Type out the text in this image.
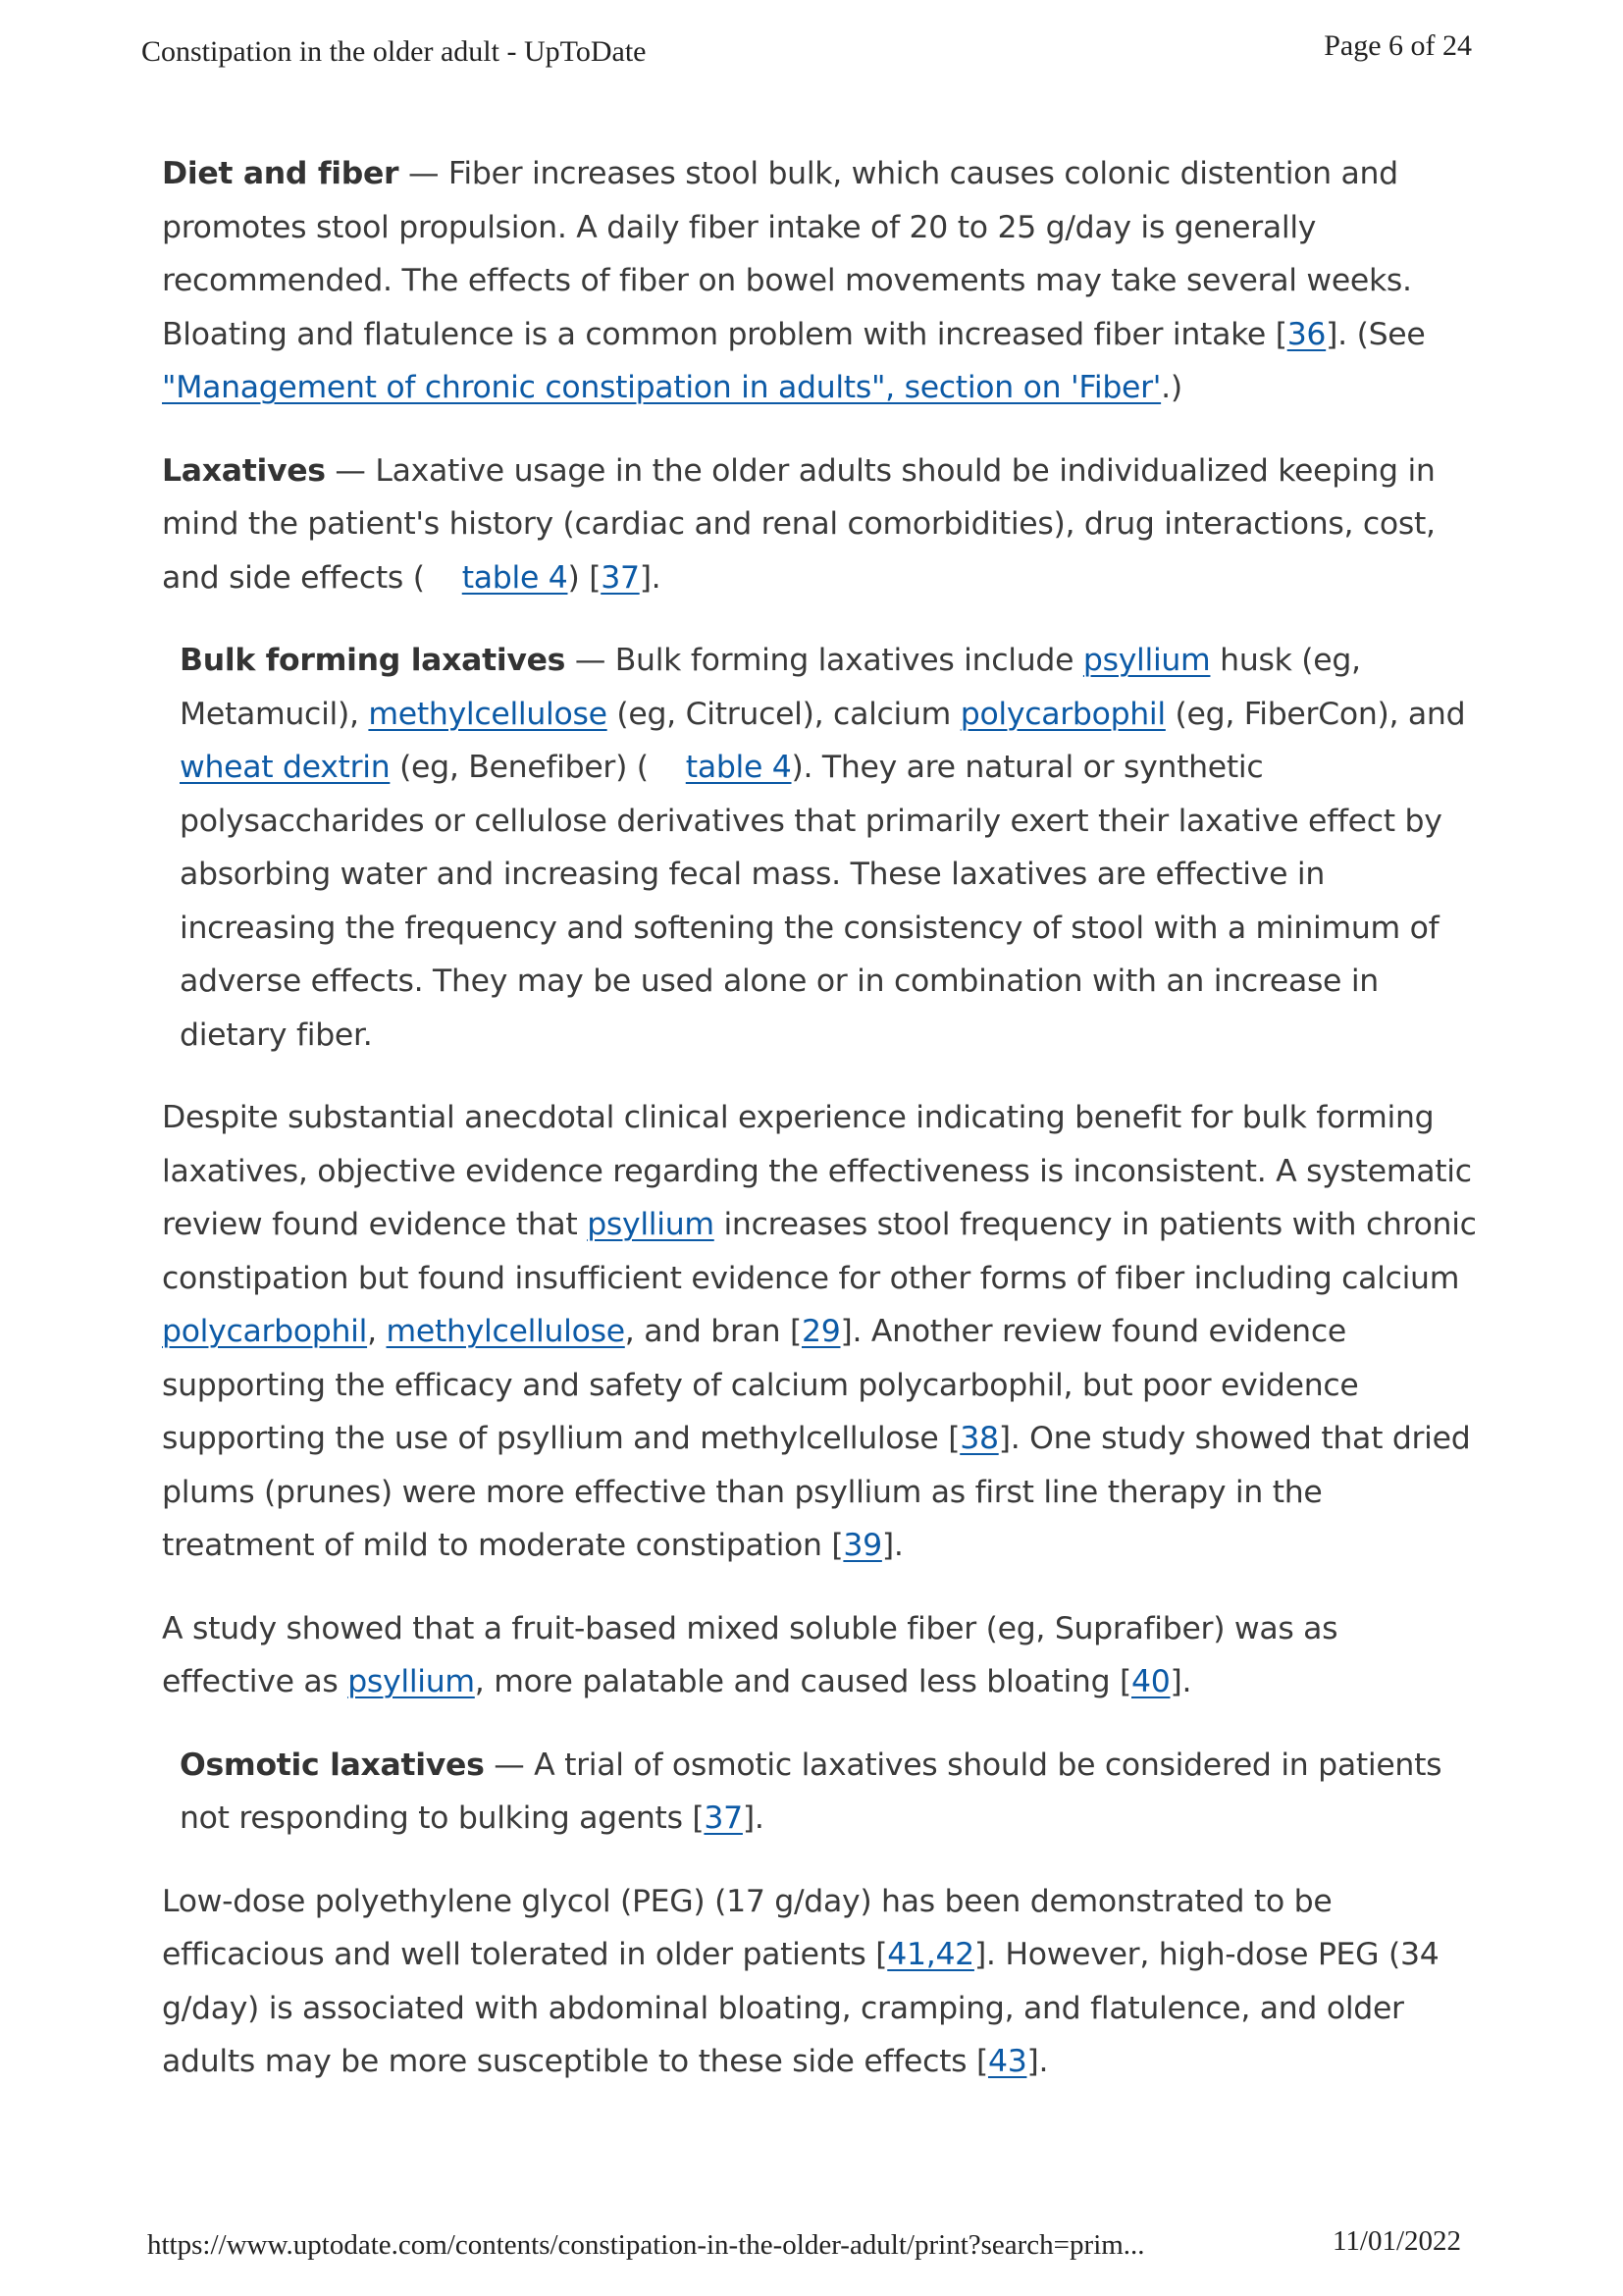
Constipation in the older adult - UpToDate	Page 6 of 24

Diet and fiber — Fiber increases stool bulk, which causes colonic distention and promotes stool propulsion. A daily fiber intake of 20 to 25 g/day is generally recommended. The effects of fiber on bowel movements may take several weeks. Bloating and flatulence is a common problem with increased fiber intake [36]. (See "Management of chronic constipation in adults", section on 'Fiber'.)

Laxatives — Laxative usage in the older adults should be individualized keeping in mind the patient's history (cardiac and renal comorbidities), drug interactions, cost, and side effects ( table 4) [37].

Bulk forming laxatives — Bulk forming laxatives include psyllium husk (eg, Metamucil), methylcellulose (eg, Citrucel), calcium polycarbophil (eg, FiberCon), and wheat dextrin (eg, Benefiber) ( table 4). They are natural or synthetic polysaccharides or cellulose derivatives that primarily exert their laxative effect by absorbing water and increasing fecal mass. These laxatives are effective in increasing the frequency and softening the consistency of stool with a minimum of adverse effects. They may be used alone or in combination with an increase in dietary fiber.

Despite substantial anecdotal clinical experience indicating benefit for bulk forming laxatives, objective evidence regarding the effectiveness is inconsistent. A systematic review found evidence that psyllium increases stool frequency in patients with chronic constipation but found insufficient evidence for other forms of fiber including calcium polycarbophil, methylcellulose, and bran [29]. Another review found evidence supporting the efficacy and safety of calcium polycarbophil, but poor evidence supporting the use of psyllium and methylcellulose [38]. One study showed that dried plums (prunes) were more effective than psyllium as first line therapy in the treatment of mild to moderate constipation [39].

A study showed that a fruit-based mixed soluble fiber (eg, Suprafiber) was as effective as psyllium, more palatable and caused less bloating [40].

Osmotic laxatives — A trial of osmotic laxatives should be considered in patients not responding to bulking agents [37].

Low-dose polyethylene glycol (PEG) (17 g/day) has been demonstrated to be efficacious and well tolerated in older patients [41,42]. However, high-dose PEG (34 g/day) is associated with abdominal bloating, cramping, and flatulence, and older adults may be more susceptible to these side effects [43].

https://www.uptodate.com/contents/constipation-in-the-older-adult/print?search=prim...	11/01/2022
